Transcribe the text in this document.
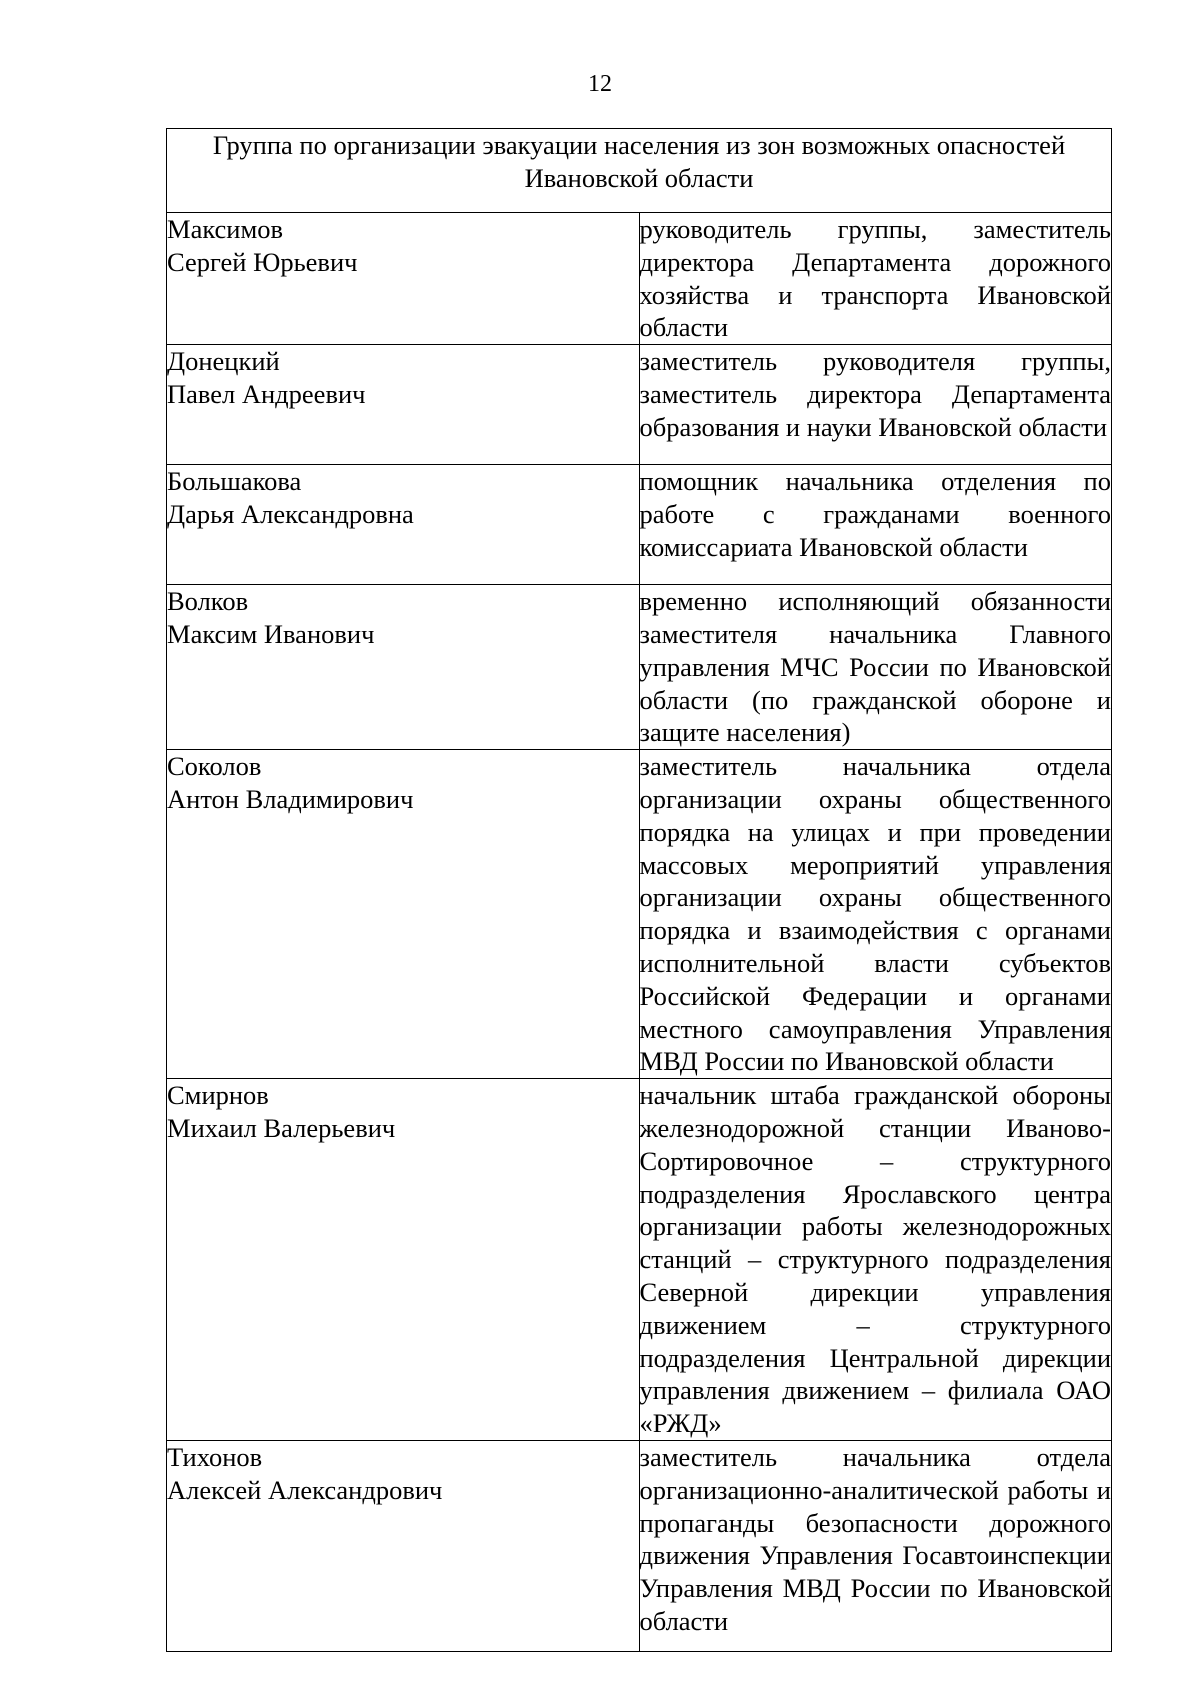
12
Группа по организации эвакуации населения из зон возможных опасностей Ивановской области	

Максимов
Сергей Юрьевич	руководитель группы, заместитель директора Департамента дорожного хозяйства и транспорта Ивановской области

Донецкий
Павел Андреевич	заместитель руководителя группы, заместитель директора Департамента образования и науки Ивановской области

Большакова
Дарья Александровна	помощник начальника отделения по работе с гражданами военного комиссариата Ивановской области

Волков
Максим Иванович	временно исполняющий обязанности заместителя начальника Главного управления МЧС России по Ивановской области (по гражданской обороне и защите населения)

Соколов
Антон Владимирович	заместитель начальника отдела организации охраны общественного порядка на улицах и при проведении массовых мероприятий управления организации охраны общественного порядка и взаимодействия с органами исполнительной власти субъектов Российской Федерации и органами местного самоуправления Управления МВД России по Ивановской области

Смирнов
Михаил Валерьевич	начальник штаба гражданской обороны железнодорожной станции Иваново-Сортировочное – структурного подразделения Ярославского центра организации работы железнодорожных станций – структурного подразделения Северной дирекции управления движением – структурного подразделения Центральной дирекции управления движением – филиала ОАО «РЖД»

Тихонов
Алексей Александрович	заместитель начальника отдела организационно-аналитической работы и пропаганды безопасности дорожного движения Управления Госавтоинспекции Управления МВД России по Ивановской области
